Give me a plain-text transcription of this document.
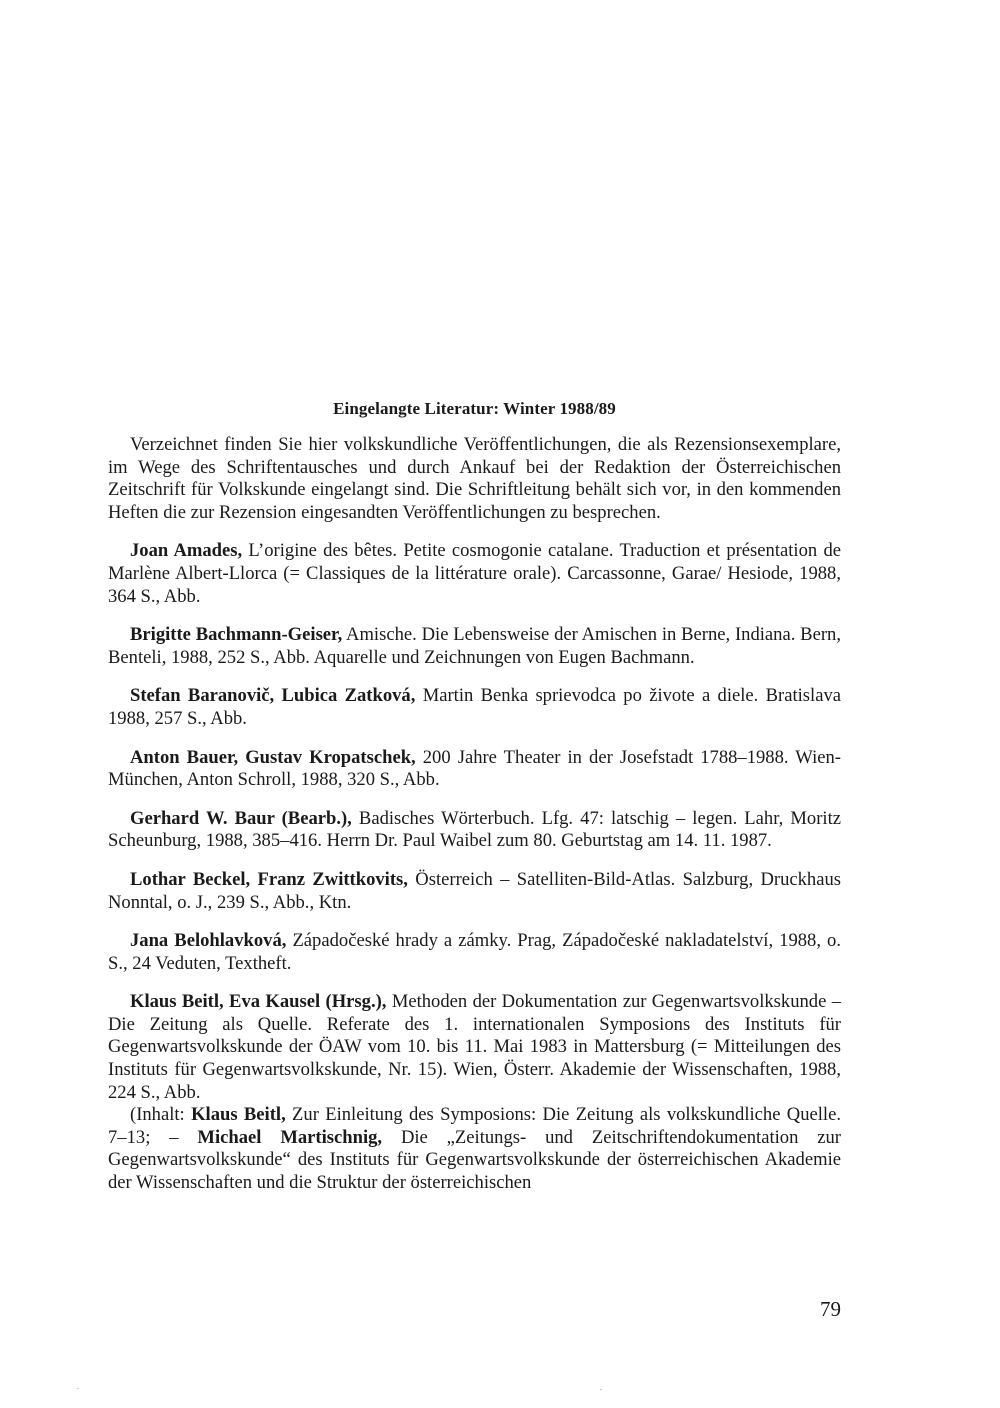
Eingelangte Literatur: Winter 1988/89

Verzeichnet finden Sie hier volkskundliche Veröffentlichungen, die als Rezensionsexemplare, im Wege des Schriftentausches und durch Ankauf bei der Redaktion der Österreichischen Zeitschrift für Volkskunde eingelangt sind. Die Schriftleitung behält sich vor, in den kommenden Heften die zur Rezension eingesandten Veröffentlichungen zu besprechen.

Joan Amades, L’origine des bêtes. Petite cosmogonie catalane. Traduction et présentation de Marlène Albert-Llorca (= Classiques de la littérature orale). Carcassonne, Garae/ Hesiode, 1988, 364 S., Abb.

Brigitte Bachmann-Geiser, Amische. Die Lebensweise der Amischen in Berne, Indiana. Bern, Benteli, 1988, 252 S., Abb. Aquarelle und Zeichnungen von Eugen Bachmann.

Stefan Baranovič, Lubica Zatková, Martin Benka sprievodca po živote a diele. Bratislava 1988, 257 S., Abb.

Anton Bauer, Gustav Kropatschek, 200 Jahre Theater in der Josefstadt 1788–1988. Wien-München, Anton Schroll, 1988, 320 S., Abb.

Gerhard W. Baur (Bearb.), Badisches Wörterbuch. Lfg. 47: latschig – legen. Lahr, Moritz Scheunburg, 1988, 385–416. Herrn Dr. Paul Waibel zum 80. Geburtstag am 14. 11. 1987.

Lothar Beckel, Franz Zwittkovits, Österreich – Satelliten-Bild-Atlas. Salzburg, Druckhaus Nonntal, o. J., 239 S., Abb., Ktn.

Jana Belohlavková, Západočeské hrady a zámky. Prag, Západočeské nakladatelství, 1988, o. S., 24 Veduten, Textheft.

Klaus Beitl, Eva Kausel (Hrsg.), Methoden der Dokumentation zur Gegenwartsvolkskunde – Die Zeitung als Quelle. Referate des 1. internationalen Symposions des Instituts für Gegenwartsvolkskunde der ÖAW vom 10. bis 11. Mai 1983 in Mattersburg (= Mitteilungen des Instituts für Gegenwartsvolkskunde, Nr. 15). Wien, Österr. Akademie der Wissenschaften, 1988, 224 S., Abb.

(Inhalt: Klaus Beitl, Zur Einleitung des Symposions: Die Zeitung als volkskundliche Quelle. 7–13; – Michael Martischnig, Die „Zeitungs- und Zeitschriftendokumentation zur Gegenwartsvolkskunde“ des Instituts für Gegenwartsvolkskunde der österreichischen Akademie der Wissenschaften und die Struktur der österreichischen

79
